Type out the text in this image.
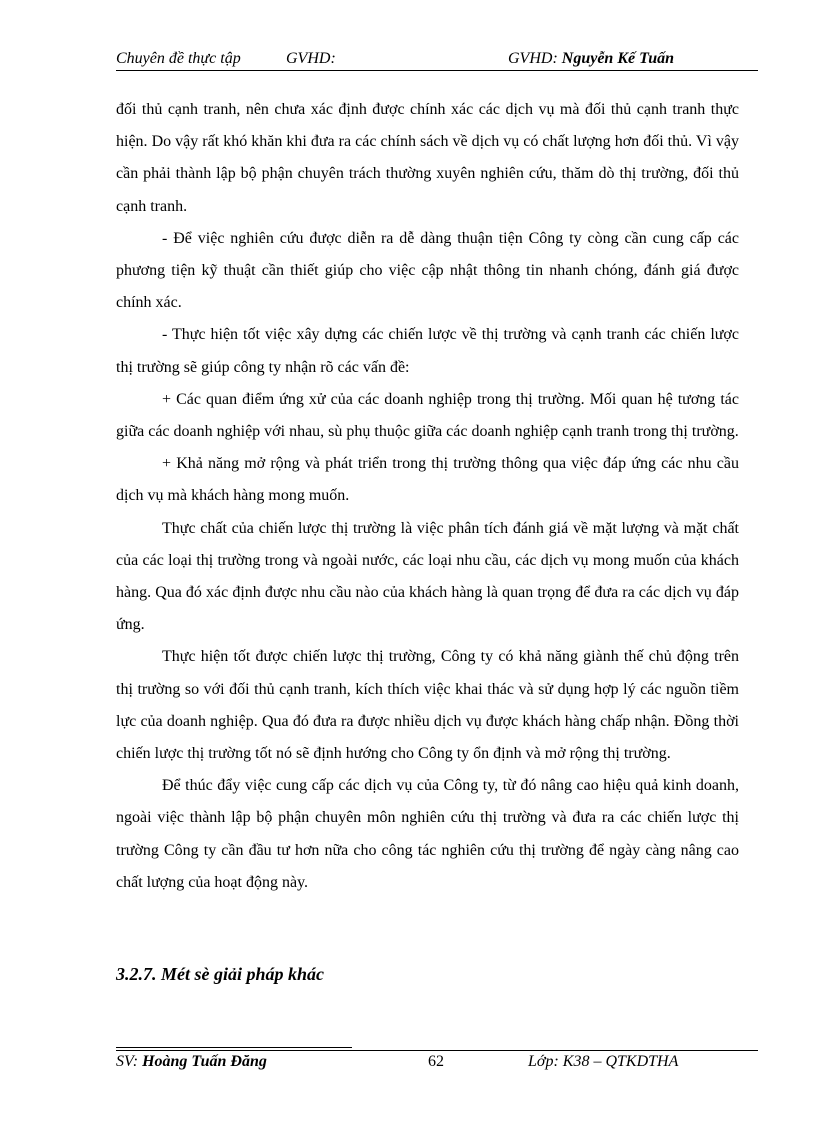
Chuyên đề thực tập	GVHD:	GVHD: Nguyễn Kế Tuấn

đối thủ cạnh tranh, nên chưa xác định được chính xác các dịch vụ mà đối thủ cạnh tranh thực hiện. Do vậy rất khó khăn khi đưa ra các chính sách về dịch vụ có chất lượng hơn đối thủ. Vì vậy cần phải thành lập bộ phận chuyên trách thường xuyên nghiên cứu, thăm dò thị trường, đối thủ cạnh tranh.

- Để việc nghiên cứu được diễn ra dễ dàng thuận tiện Công ty còng cần cung cấp các phương tiện kỹ thuật cần thiết giúp cho việc cập nhật thông tin nhanh chóng, đánh giá được chính xác.

- Thực hiện tốt việc xây dựng các chiến lược về thị trường và cạnh tranh các chiến lược thị trường sẽ giúp công ty nhận rõ các vấn đề:

+ Các quan điểm ứng xử của các doanh nghiệp trong thị trường. Mối quan hệ tương tác giữa các doanh nghiệp với nhau, sù phụ thuộc giữa các doanh nghiệp cạnh tranh trong thị trường.

+ Khả năng mở rộng và phát triển trong thị trường thông qua việc đáp ứng các nhu cầu dịch vụ mà khách hàng mong muốn.

Thực chất của chiến lược thị trường là việc phân tích đánh giá về mặt lượng và mặt chất của các loại thị trường trong và ngoài nước, các loại nhu cầu, các dịch vụ mong muốn của khách hàng. Qua đó xác định được nhu cầu nào của khách hàng là quan trọng để đưa ra các dịch vụ đáp ứng.

Thực hiện tốt được chiến lược thị trường, Công ty có khả năng giành thế chủ động trên thị trường so với đối thủ cạnh tranh, kích thích việc khai thác và sử dụng hợp lý các nguồn tiềm lực của doanh nghiệp. Qua đó đưa ra được nhiều dịch vụ được khách hàng chấp nhận. Đồng thời chiến lược thị trường tốt nó sẽ định hướng cho Công ty ổn định và mở rộng thị trường.

Để thúc đẩy việc cung cấp các dịch vụ của Công ty, từ đó nâng cao hiệu quả kinh doanh, ngoài việc thành lập bộ phận chuyên môn nghiên cứu thị trường và đưa ra các chiến lược thị trường Công ty cần đầu tư hơn nữa cho công tác nghiên cứu thị trường để ngày càng nâng cao chất lượng của hoạt động này.

3.2.7. Mét sè giải pháp khác
SV: Hoàng Tuấn Đăng	62	Lớp: K38 – QTKDTHA
